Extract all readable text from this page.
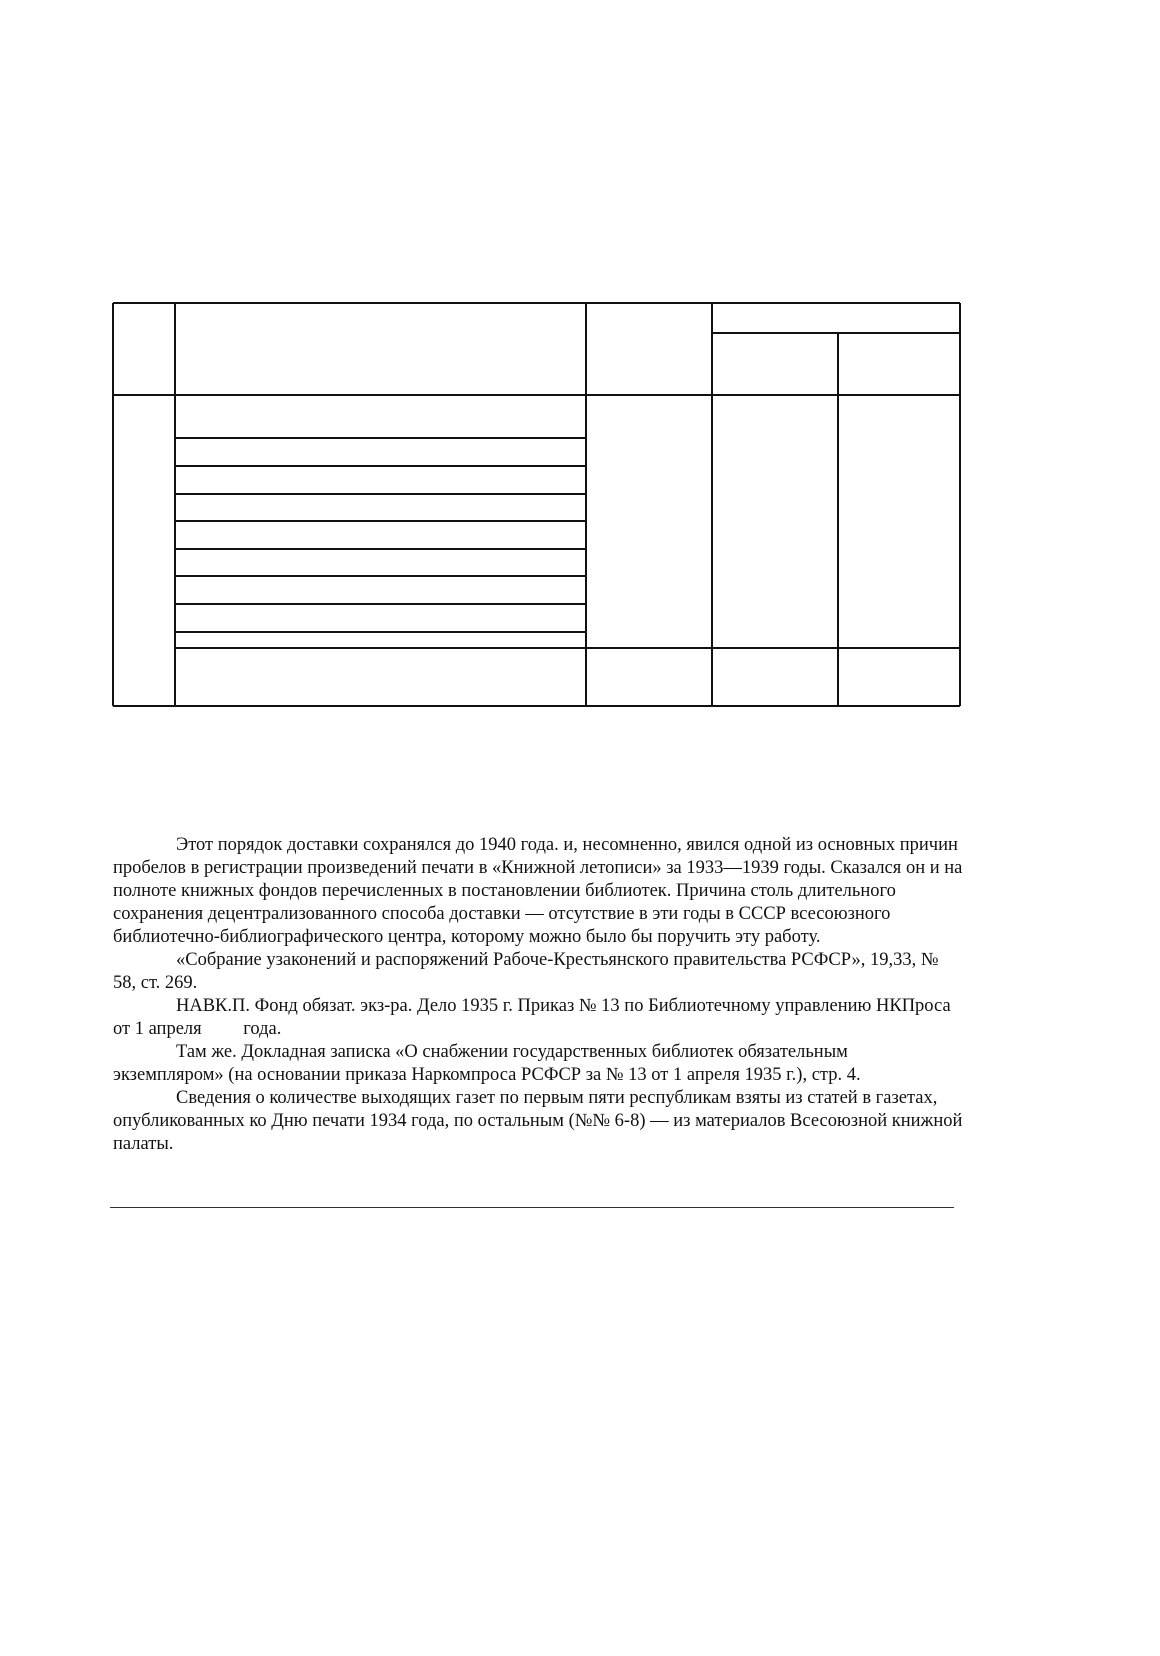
Этот порядок доставки сохранялся до 1940 года. и, несомненно, явился одной из основных причин пробелов в регистрации произведений печати в «Книжной летописи» за 1933—1939 годы. Сказался он и на полноте книжных фондов перечисленных в постановлении библиотек. Причина столь длительного сохранения децентрализованного способа доставки — отсутствие в эти годы в СССР всесоюзного библиотечно-библиографического центра, которому можно было бы поручить эту работу.

«Собрание узаконений и распоряжений Рабоче-Крестьянского правительства РСФСР», 19,33, № 58, ст. 269.

НАВК.П. Фонд обязат. экз-ра. Дело 1935 г. Приказ № 13 по Библиотечному управлению НКПроса от 1 апреля         года.

Там же. Докладная записка «О снабжении государственных библиотек обязательным экземпляром» (на основании приказа Наркомпроса РСФСР за № 13 от 1 апреля 1935 г.), стр. 4.

Сведения о количестве выходящих газет по первым пяти республикам взяты из статей в газетах, опубликованных ко Дню печати 1934 года, по остальным (№№ 6-8) — из материалов Всесоюзной книжной палаты.
